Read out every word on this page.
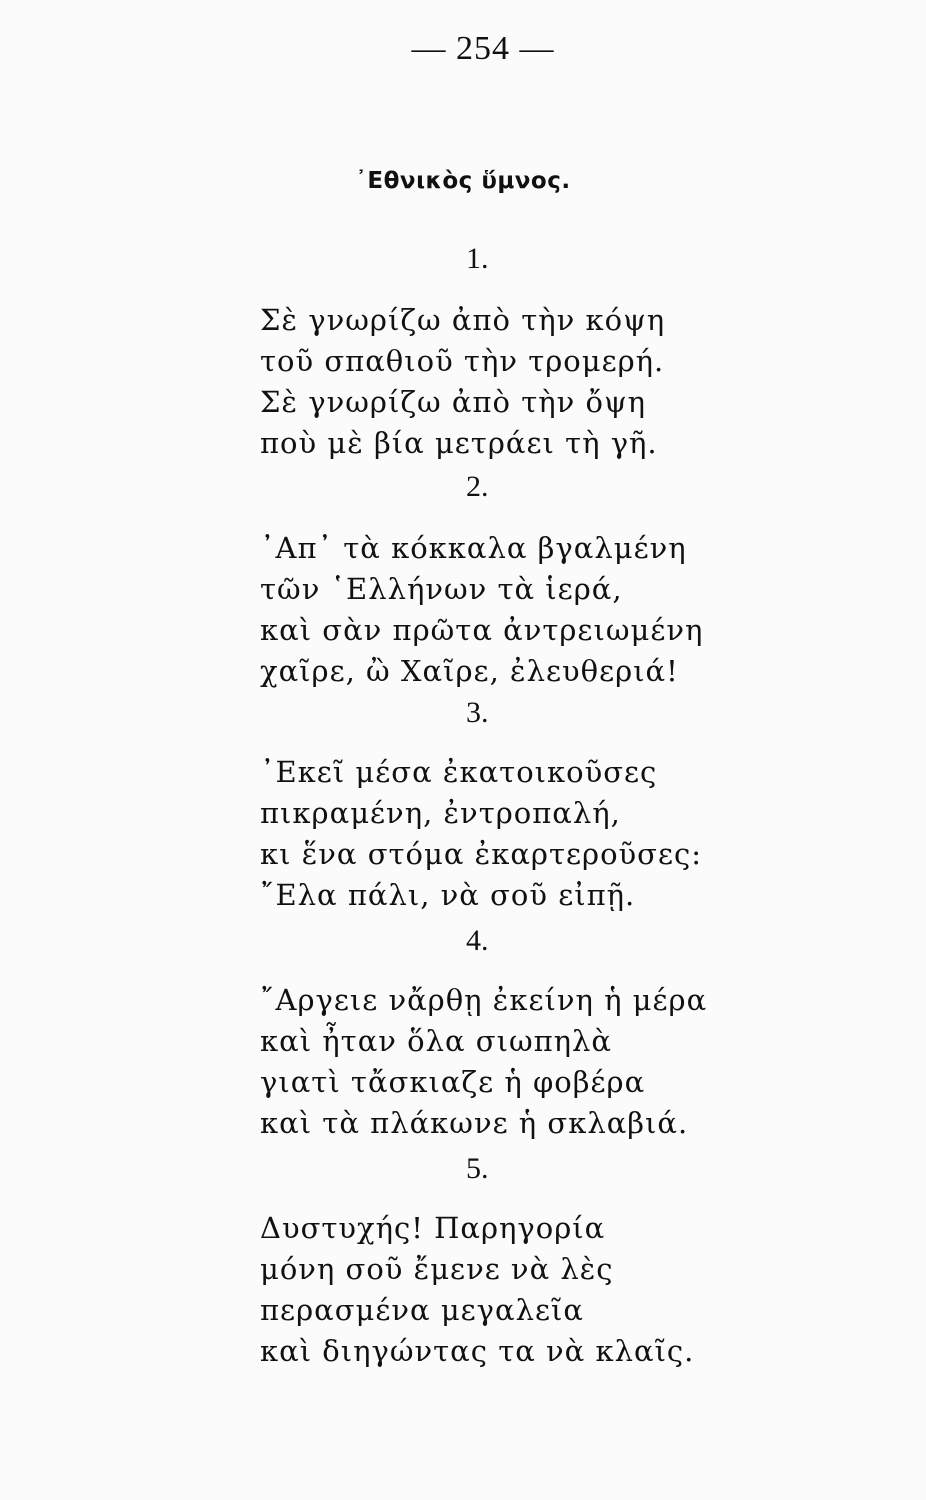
— 254 —
᾿Εθνικὸς ὕμνος.
1.
Σὲ γνωρίζω ἀπὸ τὴν κόψη
τοῦ σπαθιοῦ τὴν τρομερή.
Σὲ γνωρίζω ἀπὸ τὴν ὄψη
ποὺ μὲ βία μετράει τὴ γῆ.
2.
᾿Απ᾿ τὰ κόκκαλα βγαλμένη
τῶν ῾Ελλήνων τὰ ἱερά,
καὶ σὰν πρῶτα ἀντρειωμένη
χαῖρε, ὢ Χαῖρε, ἐλευθεριά!
3.
᾿Εκεῖ μέσα ἐκατοικοῦσες
πικραμένη, ἐντροπαλή,
κι ἕνα στόμα ἐκαρτεροῦσες:
῎Ελα πάλι, νὰ σοῦ εἰπῇ.
4.
῎Αργειε νἄρθῃ ἐκείνη ἡ μέρα
καὶ ἦταν ὅλα σιωπηλὰ
γιατὶ τἄσκιαζε ἡ φοβέρα
καὶ τὰ πλάκωνε ἡ σκλαβιά.
5.
Δυστυχής! Παρηγορία
μόνη σοῦ ἔμενε νὰ λὲς
περασμένα μεγαλεῖα
καὶ διηγώντας τα νὰ κλαῖς.
